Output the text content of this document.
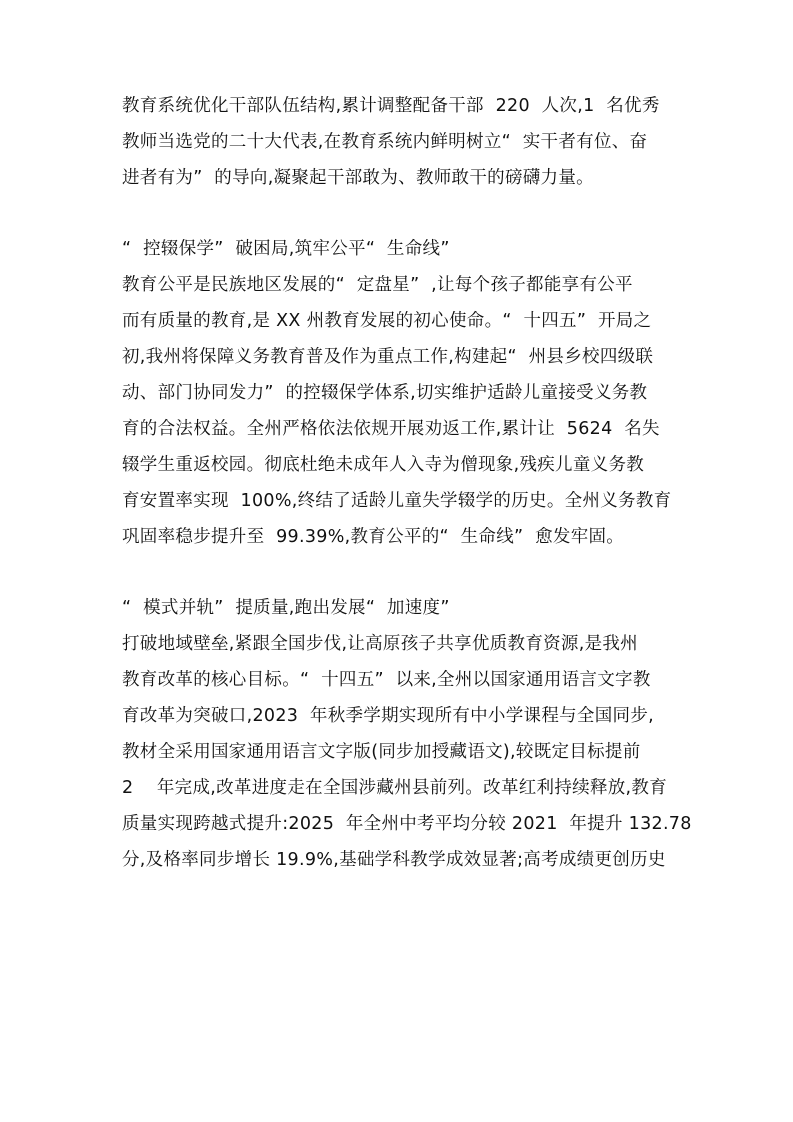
教育系统优化干部队伍结构,累计调整配备干部  220  人次,1  名优秀
教师当选党的二十大代表,在教育系统内鲜明树立“  实干者有位、奋
进者有为”  的导向,凝聚起干部敢为、教师敢干的磅礴力量。
“  控辍保学”  破困局,筑牢公平“  生命线”
教育公平是民族地区发展的“  定盘星”  ,让每个孩子都能享有公平
而有质量的教育,是 XX 州教育发展的初心使命。“  十四五”  开局之
初,我州将保障义务教育普及作为重点工作,构建起“  州县乡校四级联
动、部门协同发力”  的控辍保学体系,切实维护适龄儿童接受义务教
育的合法权益。全州严格依法依规开展劝返工作,累计让  5624  名失
辍学生重返校园。彻底杜绝未成年人入寺为僧现象,残疾儿童义务教
育安置率实现  100%,终结了适龄儿童失学辍学的历史。全州义务教育
巩固率稳步提升至  99.39%,教育公平的“  生命线”  愈发牢固。
“  模式并轨”  提质量,跑出发展“  加速度”
打破地域壁垒,紧跟全国步伐,让高原孩子共享优质教育资源,是我州
教育改革的核心目标。“  十四五”  以来,全州以国家通用语言文字教
育改革为突破口,2023  年秋季学期实现所有中小学课程与全国同步,
教材全采用国家通用语言文字版(同步加授藏语文),较既定目标提前
2    年完成,改革进度走在全国涉藏州县前列。改革红利持续释放,教育
质量实现跨越式提升:2025  年全州中考平均分较 2021  年提升 132.78
分,及格率同步增长 19.9%,基础学科教学成效显著;高考成绩更创历史
